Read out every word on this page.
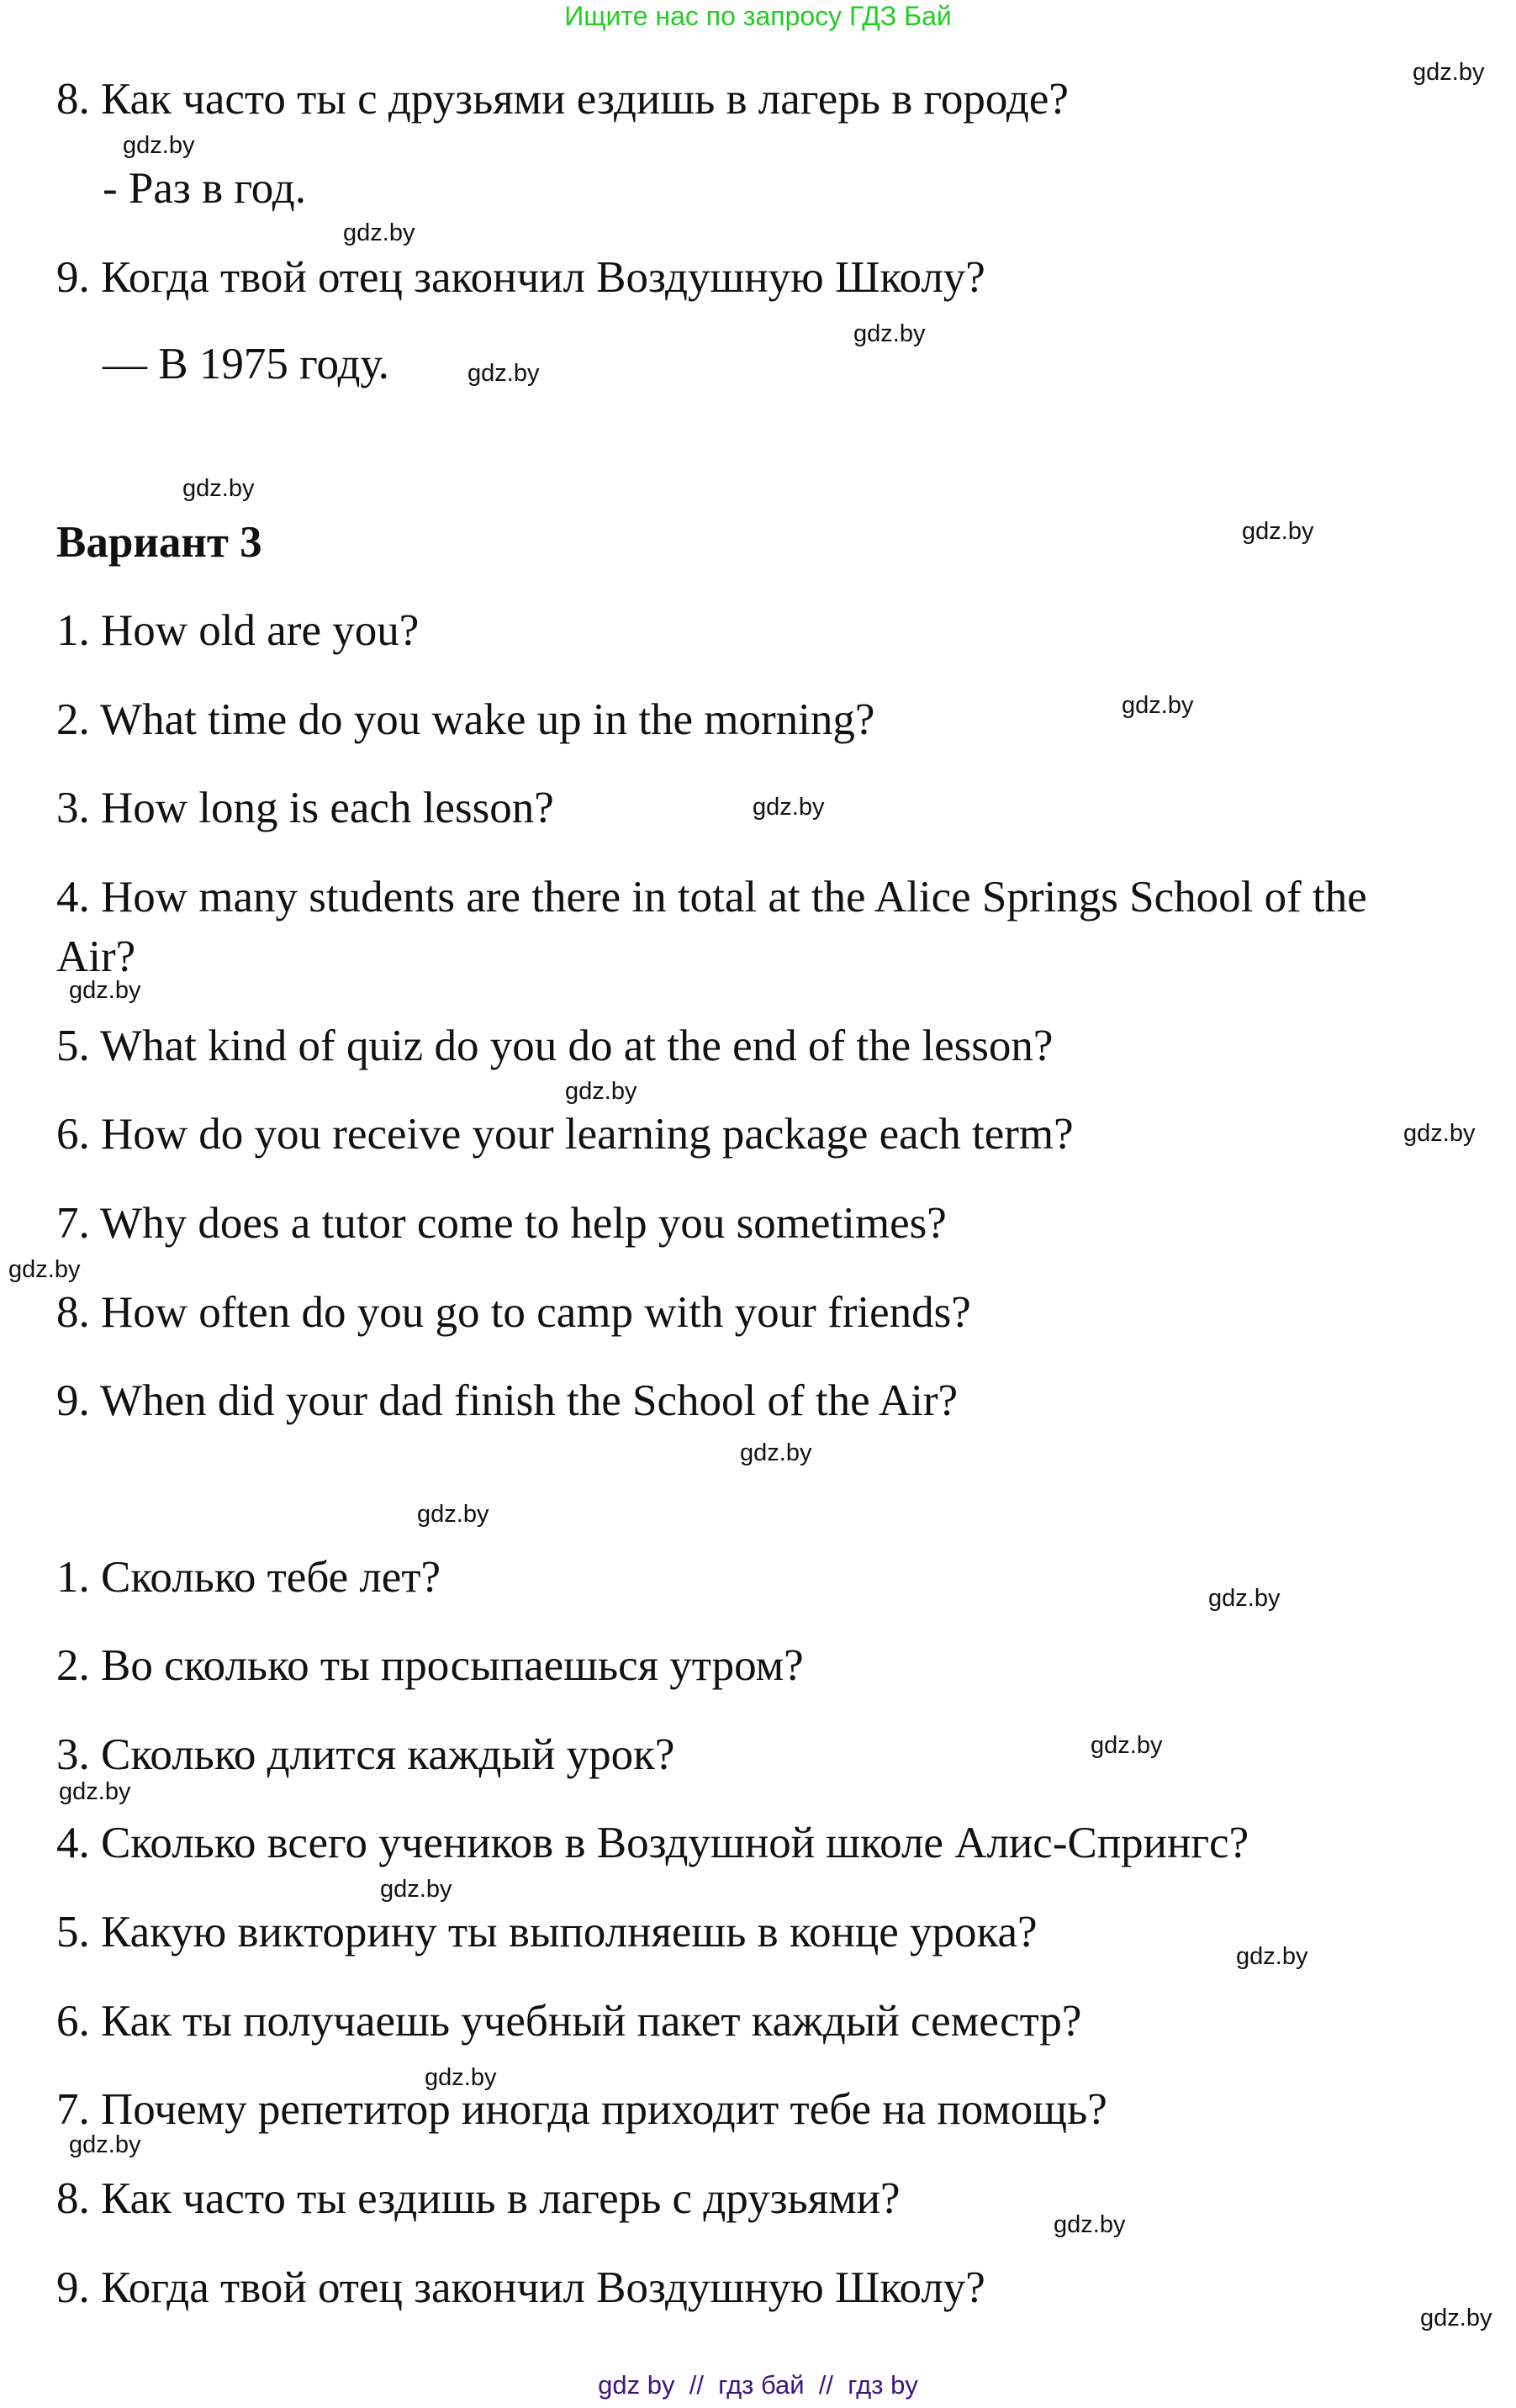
Ищите нас по запросу ГДЗ Бай
8. Как часто ты с друзьями ездишь в лагерь в городе?
- Раз в год.
9. Когда твой отец закончил Воздушную Школу?
— В 1975 году.
Вариант 3
1. How old are you?
2. What time do you wake up in the morning?
3. How long is each lesson?
4. How many students are there in total at the Alice Springs School of the
Air?
5. What kind of quiz do you do at the end of the lesson?
6. How do you receive your learning package each term?
7. Why does a tutor come to help you sometimes?
8. How often do you go to camp with your friends?
9. When did your dad finish the School of the Air?
1. Сколько тебе лет?
2. Во сколько ты просыпаешься утром?
3. Сколько длится каждый урок?
4. Сколько всего учеников в Воздушной школе Алис-Спрингс?
5. Какую викторину ты выполняешь в конце урока?
6. Как ты получаешь учебный пакет каждый семестр?
7. Почему репетитор иногда приходит тебе на помощь?
8. Как часто ты ездишь в лагерь с друзьями?
9. Когда твой отец закончил Воздушную Школу?
gdz.by
gdz.by
gdz.by
gdz.by
gdz.by
gdz.by
gdz.by
gdz.by
gdz.by
gdz.by
gdz.by
gdz.by
gdz.by
gdz.by
gdz.by
gdz.by
gdz.by
gdz.by
gdz.by
gdz.by
gdz.by
gdz.by
gdz.by
gdz.by
gdz by  //  гдз бай  //  гдз by
